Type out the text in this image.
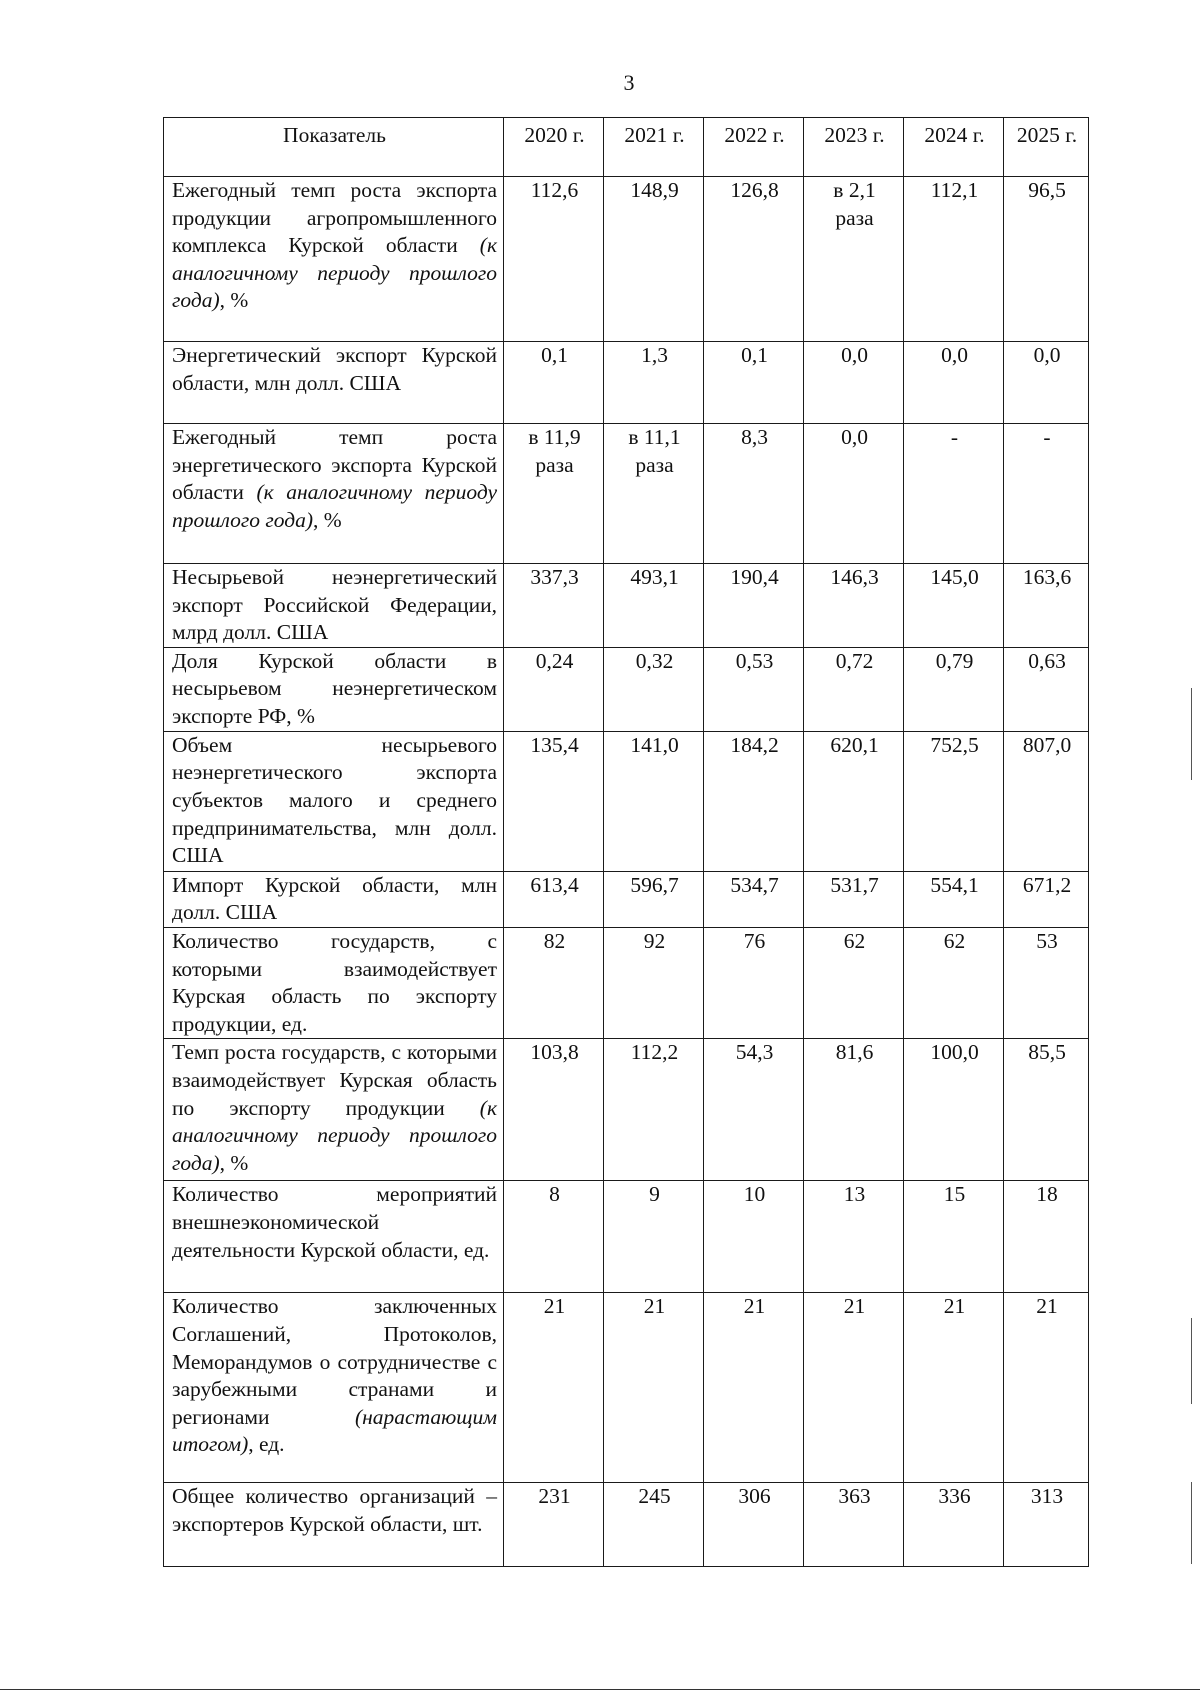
3
Показатель	2020 г.	2021 г.	2022 г.	2023 г.	2024 г.	2025 г.
Ежегодный темп роста экспорта продукции агропромышленного комплекса Курской области (к аналогичному периоду прошлого года), %	112,6	148,9	126,8	в 2,1 раза	112,1	96,5
Энергетический экспорт Курской области, млн долл. США	0,1	1,3	0,1	0,0	0,0	0,0
Ежегодный темп роста энергетического экспорта Курской области (к аналогичному периоду прошлого года), %	в 11,9 раза	в 11,1 раза	8,3	0,0	-	-
Несырьевой неэнергетический экспорт Российской Федерации, млрд долл. США	337,3	493,1	190,4	146,3	145,0	163,6
Доля Курской области в несырьевом неэнергетическом экспорте РФ, %	0,24	0,32	0,53	0,72	0,79	0,63
Объем несырьевого неэнергетического экспорта субъектов малого и среднего предпринимательства, млн долл. США	135,4	141,0	184,2	620,1	752,5	807,0
Импорт Курской области, млн долл. США	613,4	596,7	534,7	531,7	554,1	671,2
Количество государств, с которыми взаимодействует Курская область по экспорту продукции, ед.	82	92	76	62	62	53
Темп роста государств, с которыми взаимодействует Курская область по экспорту продукции (к аналогичному периоду прошлого года), %	103,8	112,2	54,3	81,6	100,0	85,5
Количество мероприятий внешнеэкономической деятельности Курской области, ед.	8	9	10	13	15	18
Количество заключенных Соглашений, Протоколов, Меморандумов о сотрудничестве с зарубежными странами и регионами (нарастающим итогом), ед.	21	21	21	21	21	21
Общее количество организаций – экспортеров Курской области, шт.	231	245	306	363	336	313
